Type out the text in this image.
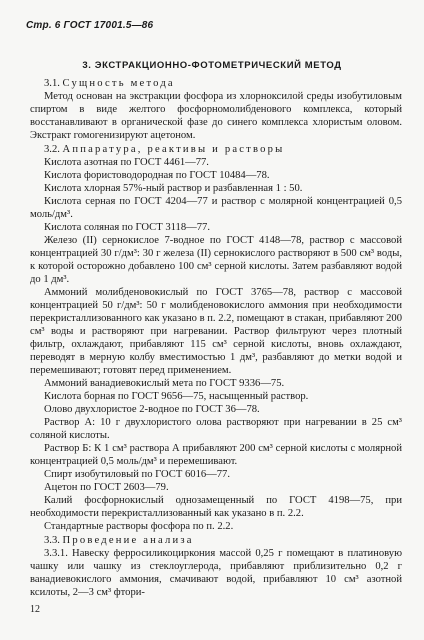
Стр. 6 ГОСТ 17001.5—86
3. ЭКСТРАКЦИОННО-ФОТОМЕТРИЧЕСКИЙ МЕТОД

3.1. Сущность метода

Метод основан на экстракции фосфора из хлорноксилой среды изобутиловым спиртом в виде желтого фосфорномолибденового комплекса, который восстанавливают в органической фазе до синего комплекса хлористым оловом. Экстракт гомогенизируют ацетоном.

3.2. Аппаратура, реактивы и растворы

Кислота азотная по ГОСТ 4461—77.

Кислота фористоводородная по ГОСТ 10484—78.

Кислота хлорная 57%-ный раствор и разбавленная 1 : 50.

Кислота серная по ГОСТ 4204—77 и раствор с молярной концентрацией 0,5 моль/дм³.

Кислота соляная по ГОСТ 3118—77.

Железо (II) сернокислое 7-водное по ГОСТ 4148—78, раствор с массовой концентрацией 30 г/дм³: 30 г железа (II) сернокислого растворяют в 500 см³ воды, к которой осторожно добавлено 100 см³ серной кислоты. Затем разбавляют водой до 1 дм³.

Аммоний молибденовокислый по ГОСТ 3765—78, раствор с массовой концентрацией 50 г/дм³: 50 г молибденовокислого аммония при необходимости перекристаллизованного как указано в п. 2.2, помещают в стакан, прибавляют 200 см³ воды и растворяют при нагревании. Раствор фильтруют через плотный фильтр, охлаждают, прибавляют 115 см³ серной кислоты, вновь охлаждают, переводят в мерную колбу вместимостью 1 дм³, разбавляют до метки водой и перемешивают; готовят перед применением.

Аммоний ванадиевокислый мета по ГОСТ 9336—75.

Кислота борная по ГОСТ 9656—75, насыщенный раствор.

Олово двухлористое 2-водное по ГОСТ 36—78.

Раствор А: 10 г двухлористого олова растворяют при нагревании в 25 см³ соляной кислоты.

Раствор Б: К 1 см³ раствора А прибавляют 200 см³ серной кислоты с молярной концентрацией 0,5 моль/дм³ и перемешивают.

Спирт изобутиловый по ГОСТ 6016—77.

Ацетон по ГОСТ 2603—79.

Калий фосфорнокислый однозамещенный по ГОСТ 4198—75, при необходимости перекристаллизованный как указано в п. 2.2.

Стандартные растворы фосфора по п. 2.2.

3.3. Проведение анализа

3.3.1. Навеску ферросиликоциркония массой 0,25 г помещают в платиновую чашку или чашку из стеклоуглерода, прибавляют приблизительно 0,2 г ванадиевокислого аммония, смачивают водой, прибавляют 10 см³ азотной ксилоты, 2—3 см³ фтори-

12
